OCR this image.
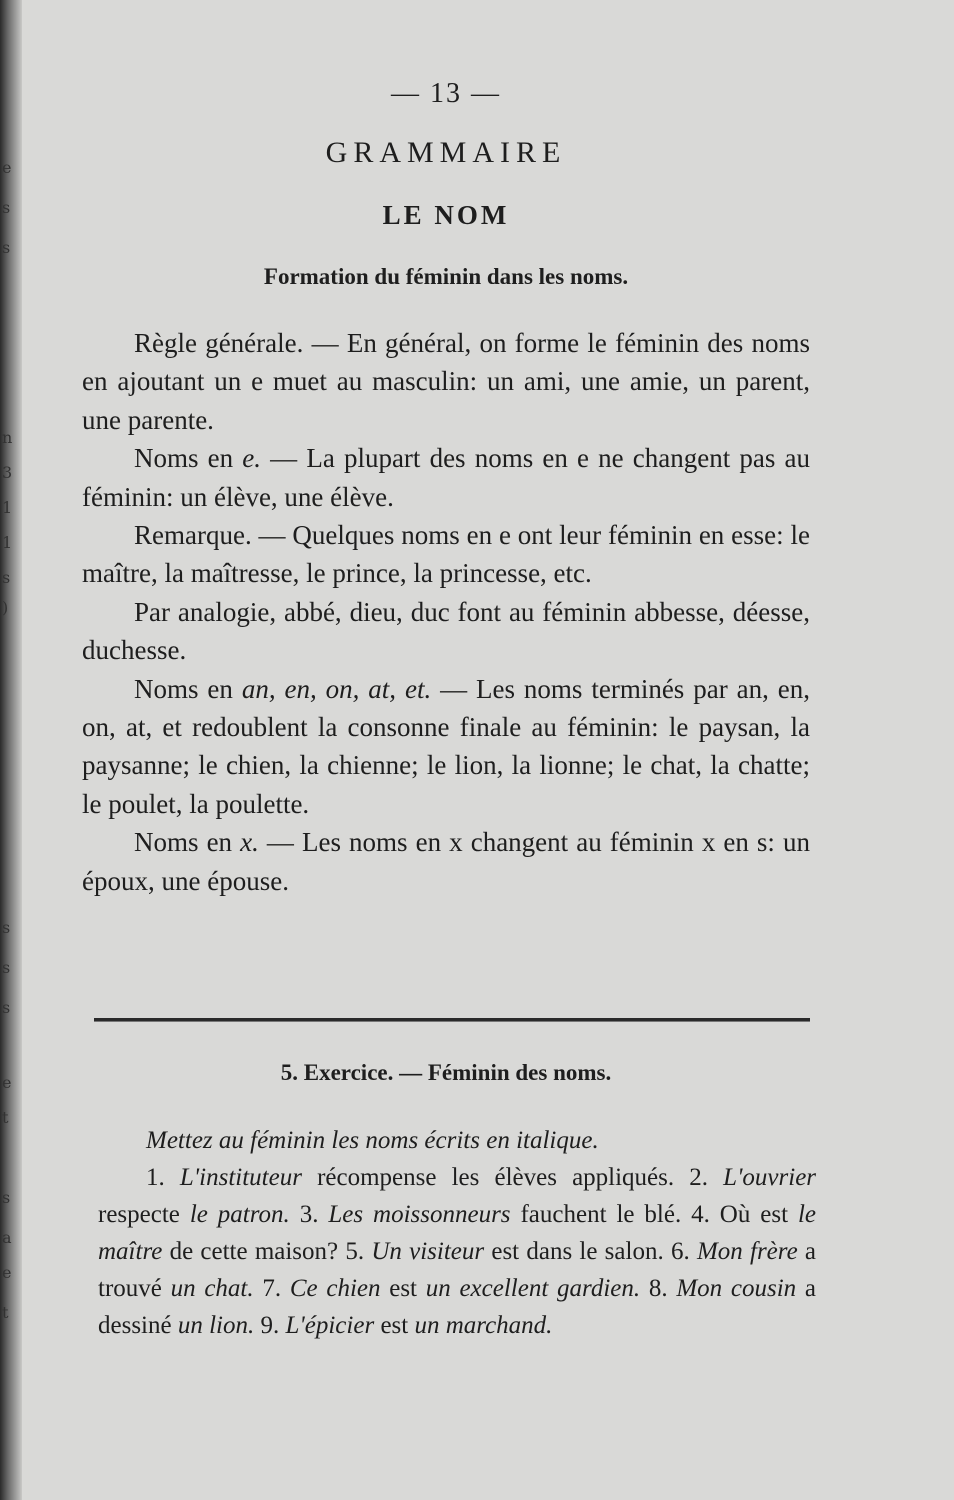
e
s
s
n
3
1
1
s
)
s
s
s
e
t
s
a
e
t
— 13 —
GRAMMAIRE
LE NOM
Formation du féminin dans les noms.

Règle générale. — En général, on forme le féminin des noms en ajoutant un e muet au masculin: un ami, une amie, un parent, une parente.

Noms en e. — La plupart des noms en e ne changent pas au féminin: un élève, une élève.

Remarque. — Quelques noms en e ont leur féminin en esse: le maître, la maîtresse, le prince, la princesse, etc.

Par analogie, abbé, dieu, duc font au féminin abbesse, déesse, duchesse.

Noms en an, en, on, at, et. — Les noms terminés par an, en, on, at, et redoublent la consonne finale au féminin: le paysan, la paysanne; le chien, la chienne; le lion, la lionne; le chat, la chatte; le poulet, la poulette.

Noms en x. — Les noms en x changent au féminin x en s: un époux, une épouse.

5. Exercice. — Féminin des noms.

Mettez au féminin les noms écrits en italique.

1. L'instituteur récompense les élèves appliqués. 2. L'ouvrier respecte le patron. 3. Les moissonneurs fauchent le blé. 4. Où est le maître de cette maison? 5. Un visiteur est dans le salon. 6. Mon frère a trouvé un chat. 7. Ce chien est un excellent gardien. 8. Mon cousin a dessiné un lion. 9. L'épicier est un marchand.
